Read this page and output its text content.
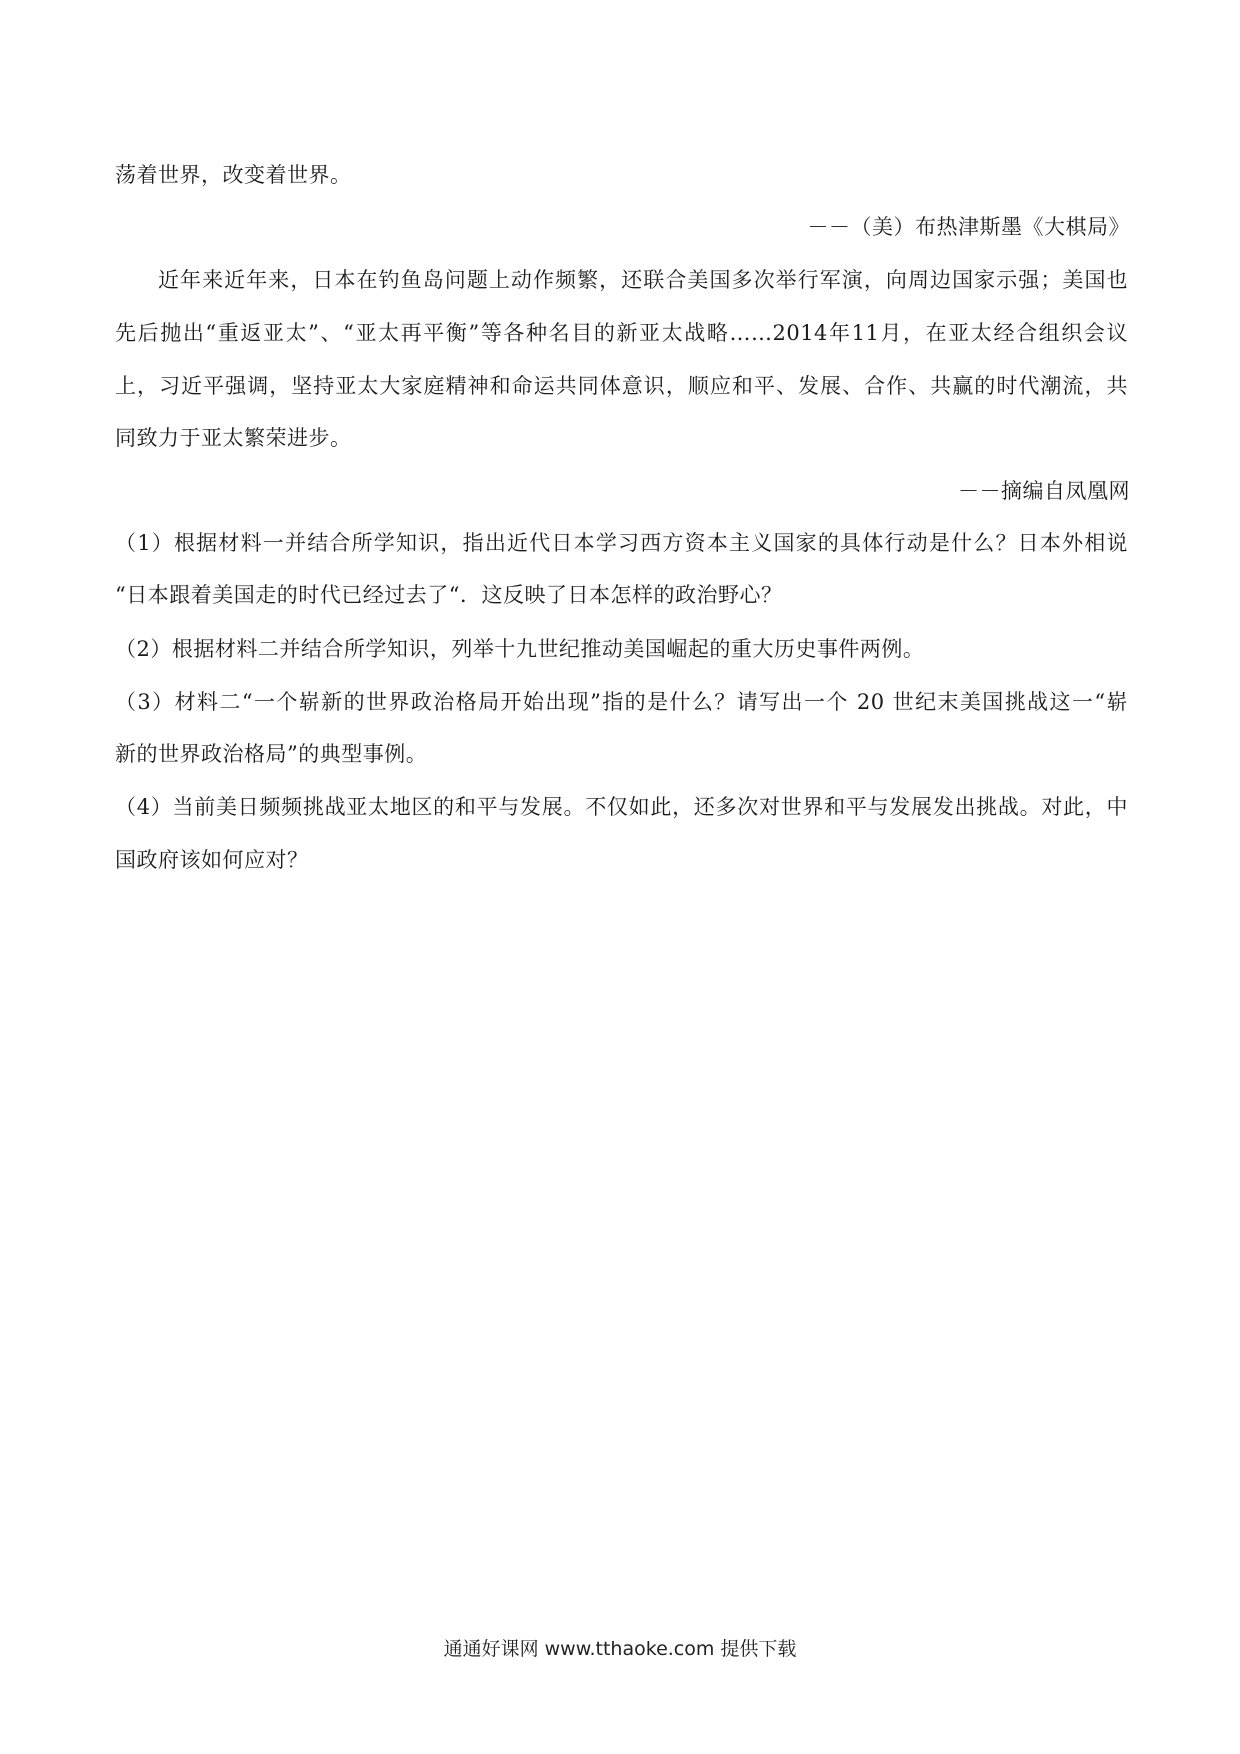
荡着世界，改变着世界。
－－（美）布热津斯墨《大棋局》
近年来近年来，日本在钓鱼岛问题上动作频繁，还联合美国多次举行军演，向周边国家示强；美国也
先后抛出“重返亚太”、“亚太再平衡”等各种名目的新亚太战略……2014年11月，在亚太经合组织会议
上，习近平强调，坚持亚太大家庭精神和命运共同体意识，顺应和平、发展、合作、共赢的时代潮流，共
同致力于亚太繁荣进步。
－－摘编自凤凰网
（1）根据材料一并结合所学知识，指出近代日本学习西方资本主义国家的具体行动是什么？日本外相说
“日本跟着美国走的时代已经过去了“．这反映了日本怎样的政治野心？
（2）根据材料二并结合所学知识，列举十九世纪推动美国崛起的重大历史事件两例。
（3）材料二“一个崭新的世界政治格局开始出现”指的是什么？请写出一个 20 世纪末美国挑战这一“崭
新的世界政治格局”的典型事例。
（4）当前美日频频挑战亚太地区的和平与发展。不仅如此，还多次对世界和平与发展发出挑战。对此，中
国政府该如何应对？
通通好课网 www.tthaoke.com 提供下载
